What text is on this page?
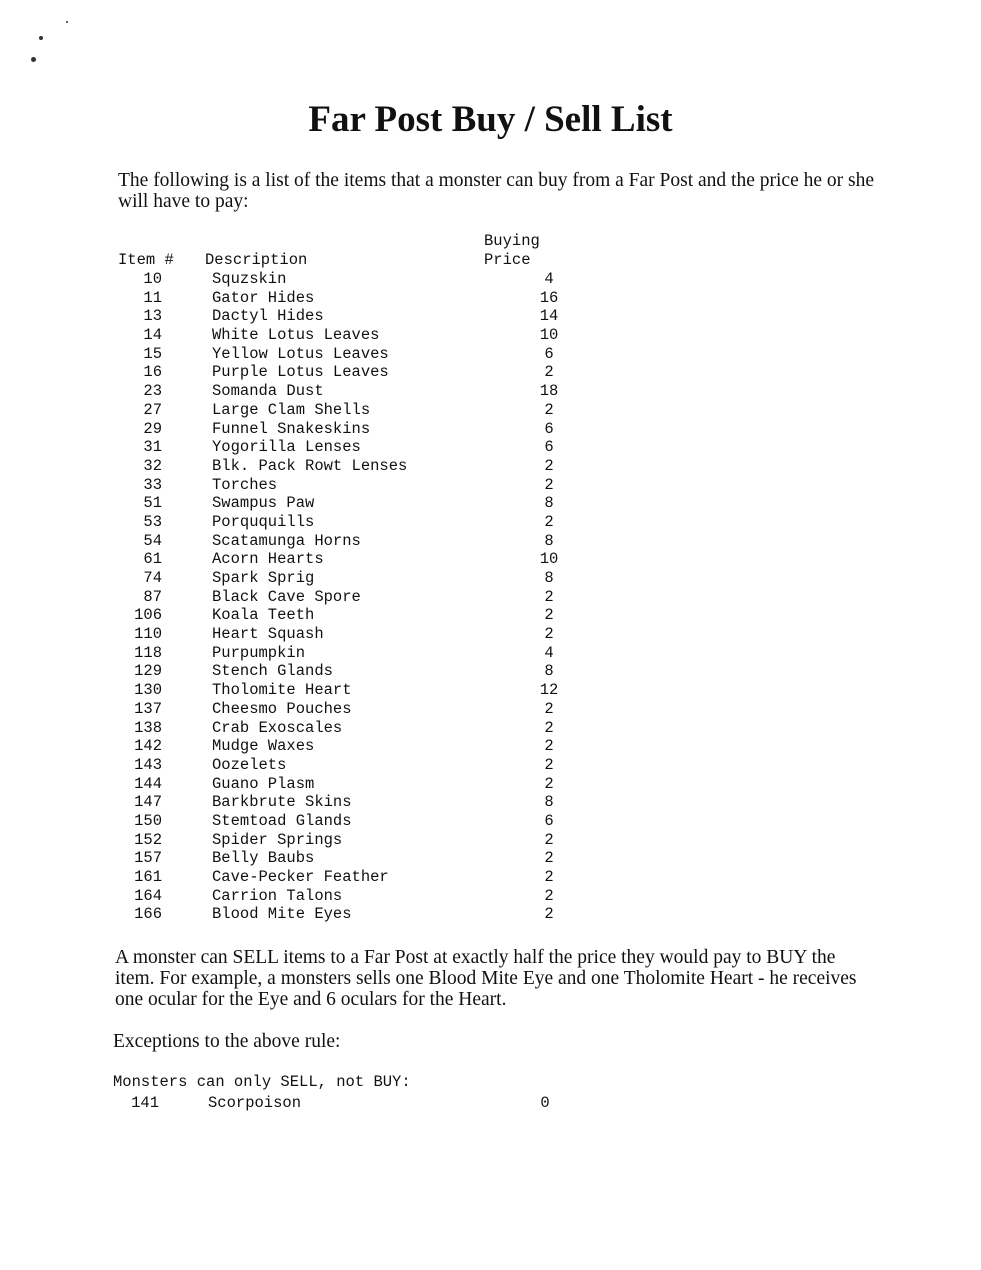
Far Post Buy / Sell List

The following is a list of the items that a monster can buy from a Far Post and the price he or she will have to pay:

Item # Description
Buying
Price
10	Squzskin	4
11	Gator Hides	16
13	Dactyl Hides	14
14	White Lotus Leaves	10
15	Yellow Lotus Leaves	6
16	Purple Lotus Leaves	2
23	Somanda Dust	18
27	Large Clam Shells	2
29	Funnel Snakeskins	6
31	Yogorilla Lenses	6
32	Blk. Pack Rowt Lenses	2
33	Torches	2
51	Swampus Paw	8
53	Porququills	2
54	Scatamunga Horns	8
61	Acorn Hearts	10
74	Spark Sprig	8
87	Black Cave Spore	2
106	Koala Teeth	2
110	Heart Squash	2
118	Purpumpkin	4
129	Stench Glands	8
130	Tholomite Heart	12
137	Cheesmo Pouches	2
138	Crab Exoscales	2
142	Mudge Waxes	2
143	Oozelets	2
144	Guano Plasm	2
147	Barkbrute Skins	8
150	Stemtoad Glands	6
152	Spider Springs	2
157	Belly Baubs	2
161	Cave-Pecker Feather	2
164	Carrion Talons	2
166	Blood Mite Eyes	2

A monster can SELL items to a Far Post at exactly half the price they would pay to BUY the item. For example, a monsters sells one Blood Mite Eye and one Tholomite Heart - he receives one ocular for the Eye and 6 oculars for the Heart.

Exceptions to the above rule:

Monsters can only SELL, not BUY:
141	Scorpoison	0
